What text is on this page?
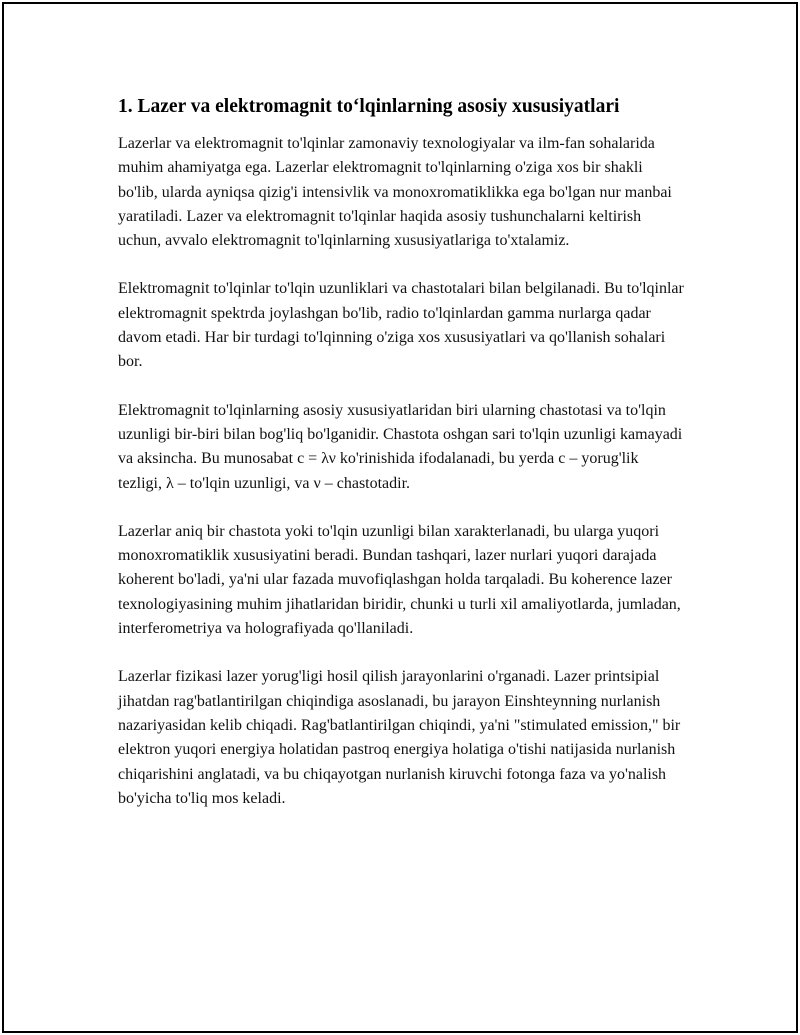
1. Lazer va elektromagnit to‘lqinlarning asosiy xususiyatlari

Lazerlar va elektromagnit to'lqinlar zamonaviy texnologiyalar va ilm-fan sohalarida muhim ahamiyatga ega. Lazerlar elektromagnit to'lqinlarning o'ziga xos bir shakli bo'lib, ularda ayniqsa qizig'i intensivlik va monoxromatiklikka ega bo'lgan nur manbai yaratiladi. Lazer va elektromagnit to'lqinlar haqida asosiy tushunchalarni keltirish uchun, avvalo elektromagnit to'lqinlarning xususiyatlariga to'xtalamiz.

Elektromagnit to'lqinlar to'lqin uzunliklari va chastotalari bilan belgilanadi. Bu to'lqinlar elektromagnit spektrda joylashgan bo'lib, radio to'lqinlardan gamma nurlarga qadar davom etadi. Har bir turdagi to'lqinning o'ziga xos xususiyatlari va qo'llanish sohalari bor.

Elektromagnit to'lqinlarning asosiy xususiyatlaridan biri ularning chastotasi va to'lqin uzunligi bir-biri bilan bog'liq bo'lganidir. Chastota oshgan sari to'lqin uzunligi kamayadi va aksincha. Bu munosabat c = λν ko'rinishida ifodalanadi, bu yerda c – yorug'lik tezligi, λ – to'lqin uzunligi, va ν – chastotadir.

Lazerlar aniq bir chastota yoki to'lqin uzunligi bilan xarakterlanadi, bu ularga yuqori monoxromatiklik xususiyatini beradi. Bundan tashqari, lazer nurlari yuqori darajada koherent bo'ladi, ya'ni ular fazada muvofiqlashgan holda tarqaladi. Bu koherence lazer texnologiyasining muhim jihatlaridan biridir, chunki u turli xil amaliyotlarda, jumladan, interferometriya va holografiyada qo'llaniladi.

Lazerlar fizikasi lazer yorug'ligi hosil qilish jarayonlarini o'rganadi. Lazer printsipial jihatdan rag'batlantirilgan chiqindiga asoslanadi, bu jarayon Einshteynning nurlanish nazariyasidan kelib chiqadi. Rag'batlantirilgan chiqindi, ya'ni "stimulated emission," bir elektron yuqori energiya holatidan pastroq energiya holatiga o'tishi natijasida nurlanish chiqarishini anglatadi, va bu chiqayotgan nurlanish kiruvchi fotonga faza va yo'nalish bo'yicha to'liq mos keladi.
